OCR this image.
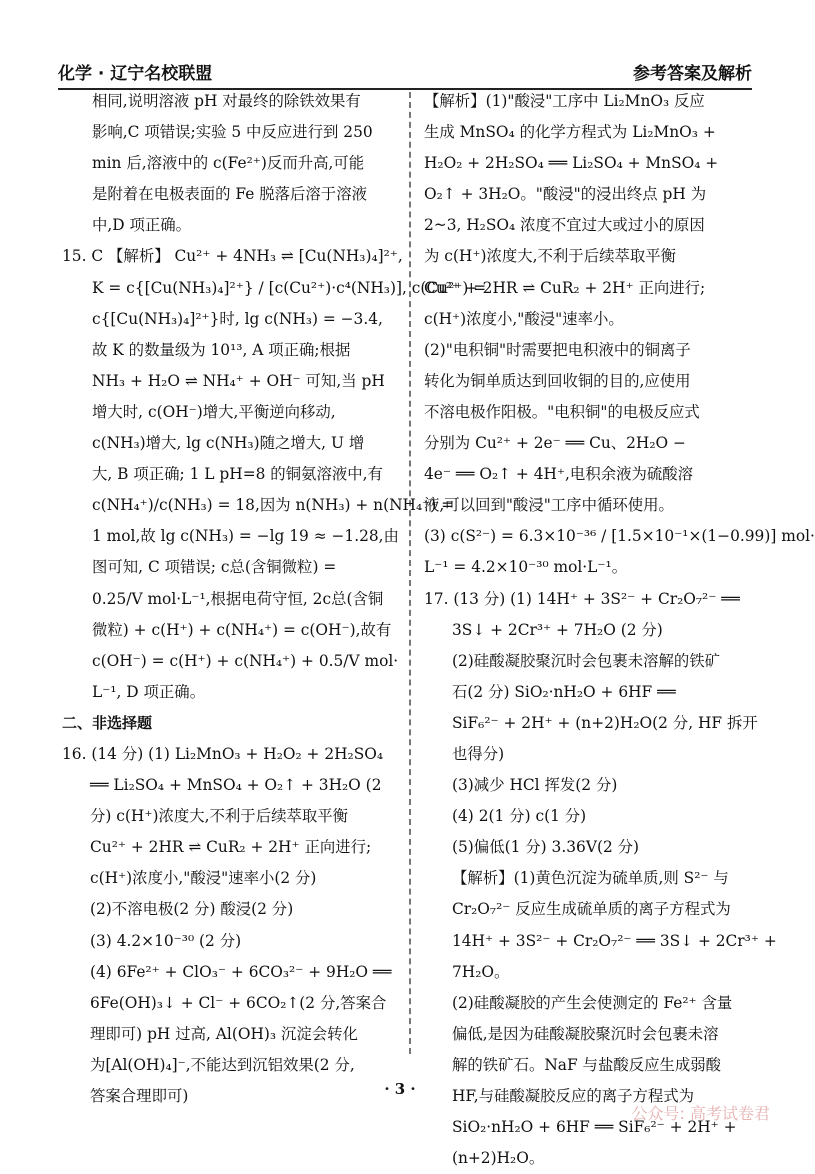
化学 · 辽宁名校联盟	参考答案及解析
相同,说明溶液 pH 对最终的除铁效果有
影响,C 项错误;实验 5 中反应进行到 250
min 后,溶液中的 c(Fe²⁺)反而升高,可能
是附着在电极表面的 Fe 脱落后溶于溶液
中,D 项正确。
15. C 【解析】 Cu²⁺ + 4NH₃ ⇌ [Cu(NH₃)₄]²⁺,
K = c{[Cu(NH₃)₄]²⁺} / [c(Cu²⁺)·c⁴(NH₃)], c(Cu²⁺) =
c{[Cu(NH₃)₄]²⁺}时, lg c(NH₃) = −3.4,
故 K 的数量级为 10¹³, A 项正确;根据
NH₃ + H₂O ⇌ NH₄⁺ + OH⁻ 可知,当 pH
增大时, c(OH⁻)增大,平衡逆向移动,
c(NH₃)增大, lg c(NH₃)随之增大, U 增
大, B 项正确; 1 L pH=8 的铜氨溶液中,有
c(NH₄⁺)/c(NH₃) = 18,因为 n(NH₃) + n(NH₄⁺) =
1 mol,故 lg c(NH₃) = −lg 19 ≈ −1.28,由
图可知, C 项错误; c总(含铜微粒) =
0.25/V mol·L⁻¹,根据电荷守恒, 2c总(含铜
微粒) + c(H⁺) + c(NH₄⁺) = c(OH⁻),故有
c(OH⁻) = c(H⁺) + c(NH₄⁺) + 0.5/V mol·
L⁻¹, D 项正确。
二、非选择题
16. (14 分) (1) Li₂MnO₃ + H₂O₂ + 2H₂SO₄
══ Li₂SO₄ + MnSO₄ + O₂↑ + 3H₂O (2
分) c(H⁺)浓度大,不利于后续萃取平衡
Cu²⁺ + 2HR ⇌ CuR₂ + 2H⁺ 正向进行;
c(H⁺)浓度小,"酸浸"速率小(2 分)
(2)不溶电极(2 分) 酸浸(2 分)
(3) 4.2×10⁻³⁰ (2 分)
(4) 6Fe²⁺ + ClO₃⁻ + 6CO₃²⁻ + 9H₂O ══
6Fe(OH)₃↓ + Cl⁻ + 6CO₂↑(2 分,答案合
理即可) pH 过高, Al(OH)₃ 沉淀会转化
为[Al(OH)₄]⁻,不能达到沉铝效果(2 分,
答案合理即可)
【解析】(1)"酸浸"工序中 Li₂MnO₃ 反应
生成 MnSO₄ 的化学方程式为 Li₂MnO₃ +
H₂O₂ + 2H₂SO₄ ══ Li₂SO₄ + MnSO₄ +
O₂↑ + 3H₂O。"酸浸"的浸出终点 pH 为
2~3, H₂SO₄ 浓度不宜过大或过小的原因
为 c(H⁺)浓度大,不利于后续萃取平衡
Cu²⁺ + 2HR ⇌ CuR₂ + 2H⁺ 正向进行;
c(H⁺)浓度小,"酸浸"速率小。
(2)"电积铜"时需要把电积液中的铜离子
转化为铜单质达到回收铜的目的,应使用
不溶电极作阳极。"电积铜"的电极反应式
分别为 Cu²⁺ + 2e⁻ ══ Cu、2H₂O −
4e⁻ ══ O₂↑ + 4H⁺,电积余液为硫酸溶
液,可以回到"酸浸"工序中循环使用。
(3) c(S²⁻) = 6.3×10⁻³⁶ / [1.5×10⁻¹×(1−0.99)] mol·
L⁻¹ = 4.2×10⁻³⁰ mol·L⁻¹。
17. (13 分) (1) 14H⁺ + 3S²⁻ + Cr₂O₇²⁻ ══
3S↓ + 2Cr³⁺ + 7H₂O (2 分)
(2)硅酸凝胶聚沉时会包裹未溶解的铁矿
石(2 分) SiO₂·nH₂O + 6HF ══
SiF₆²⁻ + 2H⁺ + (n+2)H₂O(2 分, HF 拆开
也得分)
(3)减少 HCl 挥发(2 分)
(4) 2(1 分) c(1 分)
(5)偏低(1 分) 3.36V(2 分)
【解析】(1)黄色沉淀为硫单质,则 S²⁻ 与
Cr₂O₇²⁻ 反应生成硫单质的离子方程式为
14H⁺ + 3S²⁻ + Cr₂O₇²⁻ ══ 3S↓ + 2Cr³⁺ +
7H₂O。
(2)硅酸凝胶的产生会使测定的 Fe²⁺ 含量
偏低,是因为硅酸凝胶聚沉时会包裹未溶
解的铁矿石。NaF 与盐酸反应生成弱酸
HF,与硅酸凝胶反应的离子方程式为
SiO₂·nH₂O + 6HF ══ SiF₆²⁻ + 2H⁺ +
(n+2)H₂O。
· 3 ·
公众号: 高考试卷君
